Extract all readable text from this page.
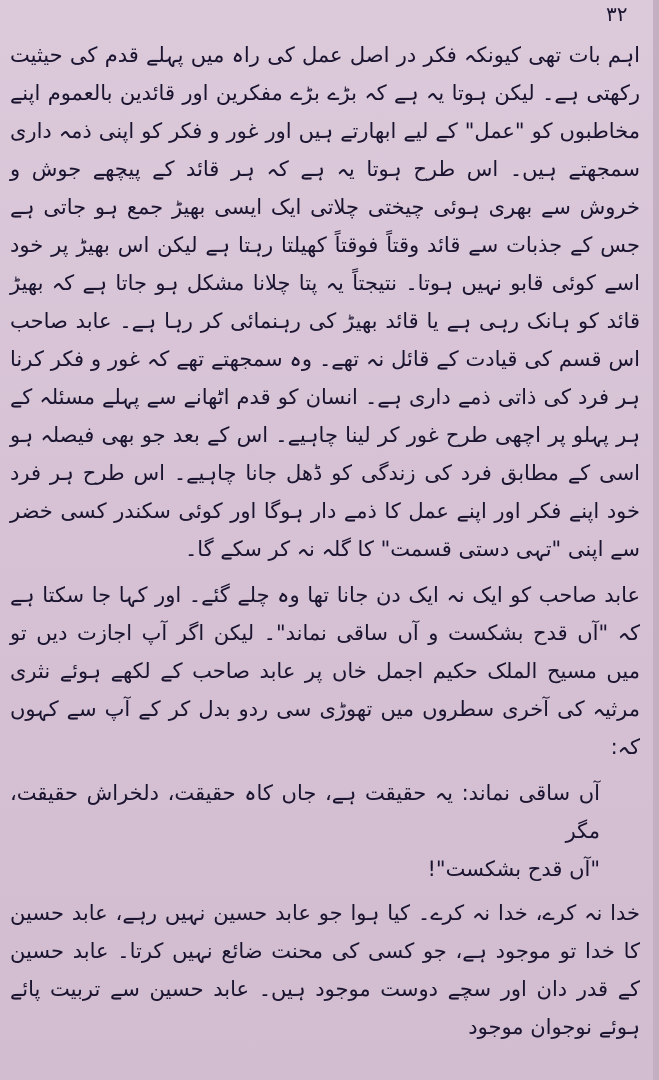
۳۲

اہم بات تھی کیونکہ فکر در اصل عمل کی راہ میں پہلے قدم کی حیثیت رکھتی ہے۔ لیکن ہوتا یہ ہے کہ بڑے بڑے مفکرین اور قائدین بالعموم اپنے مخاطبوں کو "عمل" کے لیے ابھارتے ہیں اور غور و فکر کو اپنی ذمہ داری سمجھتے ہیں۔ اس طرح ہوتا یہ ہے کہ ہر قائد کے پیچھے جوش و خروش سے بھری ہوئی چیختی چلاتی ایک ایسی بھیڑ جمع ہو جاتی ہے جس کے جذبات سے قائد وقتاً فوقتاً کھیلتا رہتا ہے لیکن اس بھیڑ پر خود اسے کوئی قابو نہیں ہوتا۔ نتیجتاً یہ پتا چلانا مشکل ہو جاتا ہے کہ بھیڑ قائد کو ہانک رہی ہے یا قائد بھیڑ کی رہنمائی کر رہا ہے۔ عابد صاحب اس قسم کی قیادت کے قائل نہ تھے۔ وہ سمجھتے تھے کہ غور و فکر کرنا ہر فرد کی ذاتی ذمے داری ہے۔ انسان کو قدم اٹھانے سے پہلے مسئلہ کے ہر پہلو پر اچھی طرح غور کر لینا چاہیے۔ اس کے بعد جو بھی فیصلہ ہو اسی کے مطابق فرد کی زندگی کو ڈھل جانا چاہیے۔ اس طرح ہر فرد خود اپنے فکر اور اپنے عمل کا ذمے دار ہوگا اور کوئی سکندر کسی خضر سے اپنی "تہی دستی قسمت" کا گلہ نہ کر سکے گا۔

عابد صاحب کو ایک نہ ایک دن جانا تھا وہ چلے گئے۔ اور کہا جا سکتا ہے کہ "آں قدح بشکست و آں ساقی نماند"۔ لیکن اگر آپ اجازت دیں تو میں مسیح الملک حکیم اجمل خاں پر عابد صاحب کے لکھے ہوئے نثری مرثیہ کی آخری سطروں میں تھوڑی سی ردو بدل کر کے آپ سے کہوں کہ:

آں ساقی نماند: یہ حقیقت ہے، جاں کاہ حقیقت، دلخراش حقیقت، مگر
"آں قدح بشکست"!

خدا نہ کرے، خدا نہ کرے۔ کیا ہوا جو عابد حسین نہیں رہے، عابد حسین کا خدا تو موجود ہے، جو کسی کی محنت ضائع نہیں کرتا۔ عابد حسین کے قدر دان اور سچے دوست موجود ہیں۔ عابد حسین سے تربیت پائے ہوئے نوجوان موجود
